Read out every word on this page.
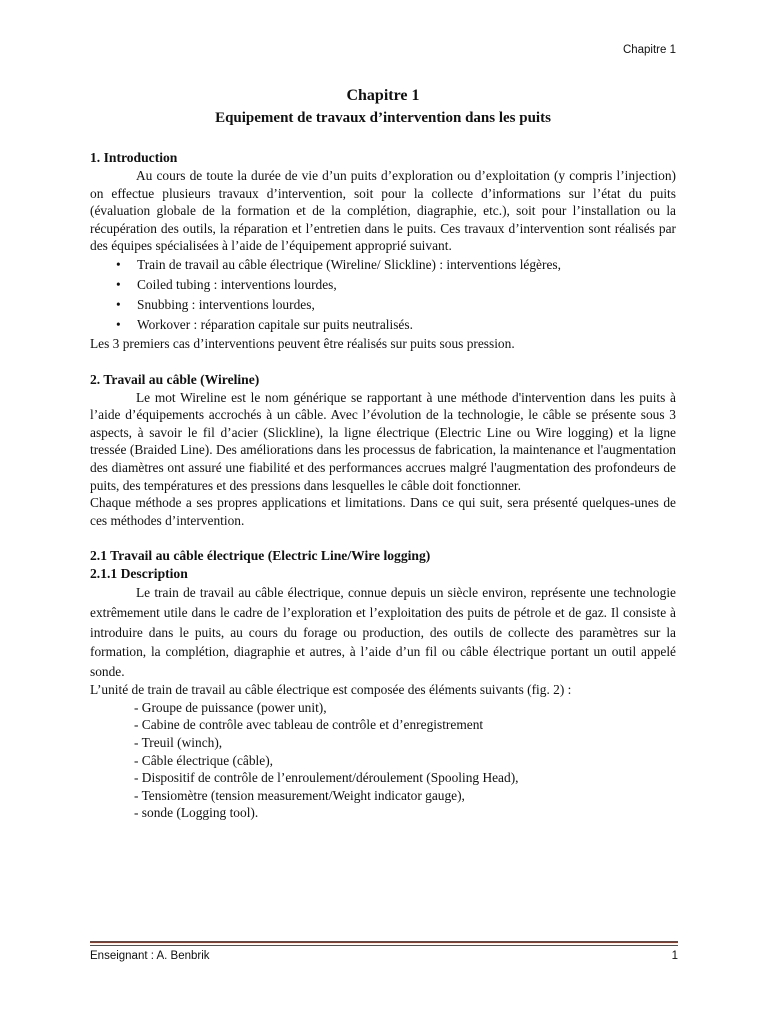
Chapitre 1
Chapitre 1
Equipement de travaux d’intervention dans les puits
1. Introduction

Au cours de toute la durée de vie d’un puits d’exploration ou d’exploitation (y compris l’injection) on effectue plusieurs travaux d’intervention, soit pour la collecte d’informations sur l’état du puits (évaluation globale de la formation et de la complétion, diagraphie, etc.), soit pour l’installation ou la récupération des outils, la réparation et l’entretien dans le puits. Ces travaux d’intervention sont réalisés par des équipes spécialisées à l’aide de l’équipement approprié suivant.

• Train de travail au câble électrique (Wireline/ Slickline) : interventions légères,
• Coiled tubing : interventions lourdes,
• Snubbing : interventions lourdes,
• Workover : réparation capitale sur puits neutralisés.

Les 3 premiers cas d’interventions peuvent être réalisés sur puits sous pression.

2. Travail au câble (Wireline)

Le mot Wireline est le nom générique se rapportant à une méthode d'intervention dans les puits à l’aide d’équipements accrochés à un câble. Avec l’évolution de la technologie, le câble se présente sous 3 aspects, à savoir le fil d’acier (Slickline), la ligne électrique (Electric Line ou Wire logging) et la ligne tressée (Braided Line). Des améliorations dans les processus de fabrication, la maintenance et l'augmentation des diamètres ont assuré une fiabilité et des performances accrues malgré l'augmentation des profondeurs de puits, des températures et des pressions dans lesquelles le câble doit fonctionner.

Chaque méthode a ses propres applications et limitations. Dans ce qui suit, sera présenté quelques-unes de ces méthodes d’intervention.

2.1 Travail au câble électrique (Electric Line/Wire logging)
2.1.1 Description

Le train de travail au câble électrique, connue depuis un siècle environ, représente une technologie extrêmement utile dans le cadre de l’exploration et l’exploitation des puits de pétrole et de gaz. Il consiste à introduire dans le puits, au cours du forage ou production, des outils de collecte des paramètres sur la formation, la complétion, diagraphie et autres, à l’aide d’un fil ou câble électrique portant un outil appelé sonde.

L’unité de train de travail au câble électrique est composée des éléments suivants (fig. 2) :

- Groupe de puissance (power unit),
- Cabine de contrôle avec tableau de contrôle et d’enregistrement
- Treuil (winch),
- Câble électrique (câble),
- Dispositif de contrôle de l’enroulement/déroulement (Spooling Head),
- Tensiomètre (tension measurement/Weight indicator gauge),
- sonde (Logging tool).
Enseignant : A. Benbrik	1
